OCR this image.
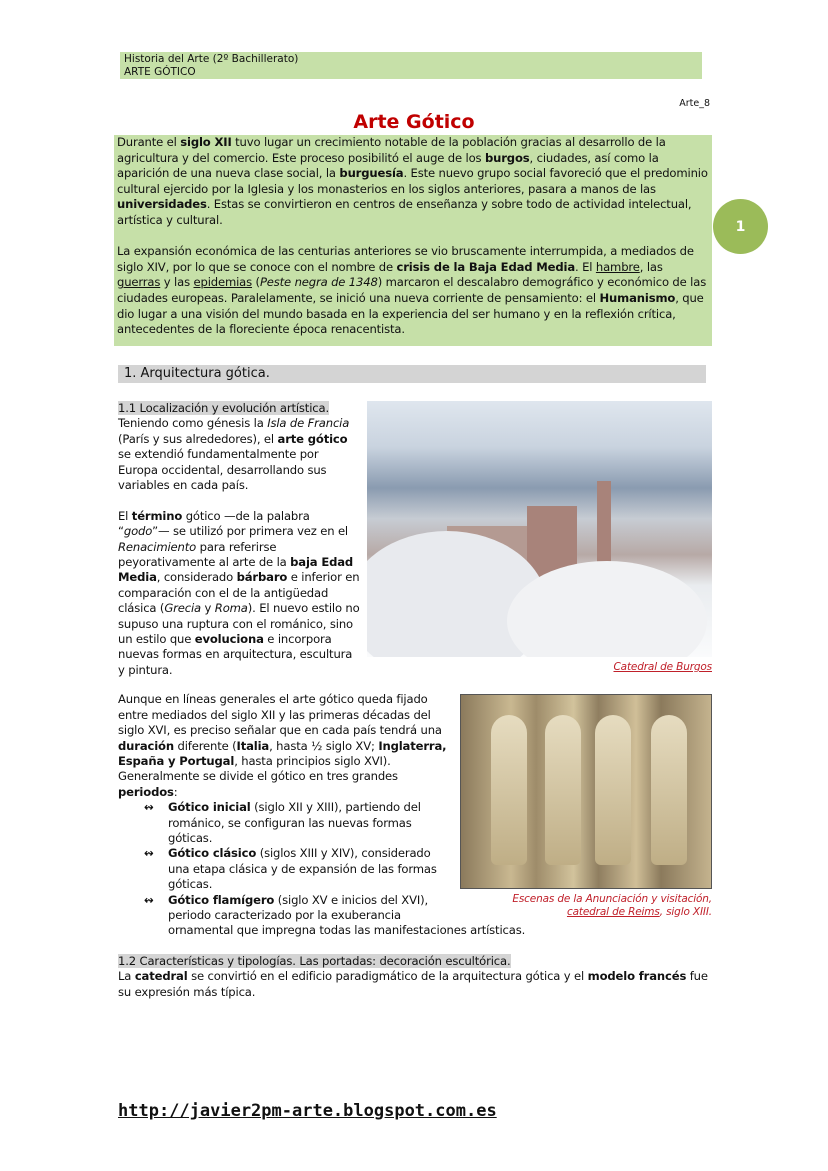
Historia del Arte (2º Bachillerato)
ARTE GÓTICO
Arte_8
Arte Gótico

Durante el siglo XII tuvo lugar un crecimiento notable de la población gracias al desarrollo de la agricultura y del comercio. Este proceso posibilitó el auge de los burgos, ciudades, así como la aparición de una nueva clase social, la burguesía. Este nuevo grupo social favoreció que el predominio cultural ejercido por la Iglesia y los monasterios en los siglos anteriores, pasara a manos de las universidades. Estas se convirtieron en centros de enseñanza y sobre todo de actividad intelectual, artística y cultural.

La expansión económica de las centurias anteriores se vio bruscamente interrumpida, a mediados de siglo XIV, por lo que se conoce con el nombre de crisis de la Baja Edad Media. El hambre, las guerras y las epidemias (Peste negra de 1348) marcaron el descalabro demográfico y económico de las ciudades europeas. Paralelamente, se inició una nueva corriente de pensamiento: el Humanismo, que dio lugar a una visión del mundo basada en la experiencia del ser humano y en la reflexión crítica, antecedentes de la floreciente época renacentista.

1
1. Arquitectura gótica.
Catedral de Burgos
1.1 Localización y evolución artística.

Teniendo como génesis la Isla de Francia (París y sus alrededores), el arte gótico se extendió fundamentalmente por Europa occidental, desarrollando sus variables en cada país.

El término gótico —de la palabra “godo”— se utilizó por primera vez en el Renacimiento para referirse peyorativamente al arte de la baja Edad Media, considerado bárbaro e inferior en comparación con el de la antigüedad clásica (Grecia y Roma). El nuevo estilo no supuso una ruptura con el románico, sino un estilo que evoluciona e incorpora nuevas formas en arquitectura, escultura y pintura.

Escenas de la Anunciación y visitación,
catedral de Reims, siglo XIII.

Aunque en líneas generales el arte gótico queda fijado entre mediados del siglo XII y las primeras décadas del siglo XVI, es preciso señalar que en cada país tendrá una duración diferente (Italia, hasta ½ siglo XV; Inglaterra, España y Portugal, hasta principios siglo XVI). Generalmente se divide el gótico en tres grandes periodos:

↭ Gótico inicial (siglo XII y XIII), partiendo del románico, se configuran las nuevas formas góticas.
↭ Gótico clásico (siglos XIII y XIV), considerado una etapa clásica y de expansión de las formas góticas.
↭ Gótico flamígero (siglo XV e inicios del XVI), periodo caracterizado por la exuberancia ornamental que impregna todas las manifestaciones artísticas.
1.2 Características y tipologías. Las portadas: decoración escultórica.

La catedral se convirtió en el edificio paradigmático de la arquitectura gótica y el modelo francés fue su expresión más típica.

http://javier2pm-arte.blogspot.com.es
